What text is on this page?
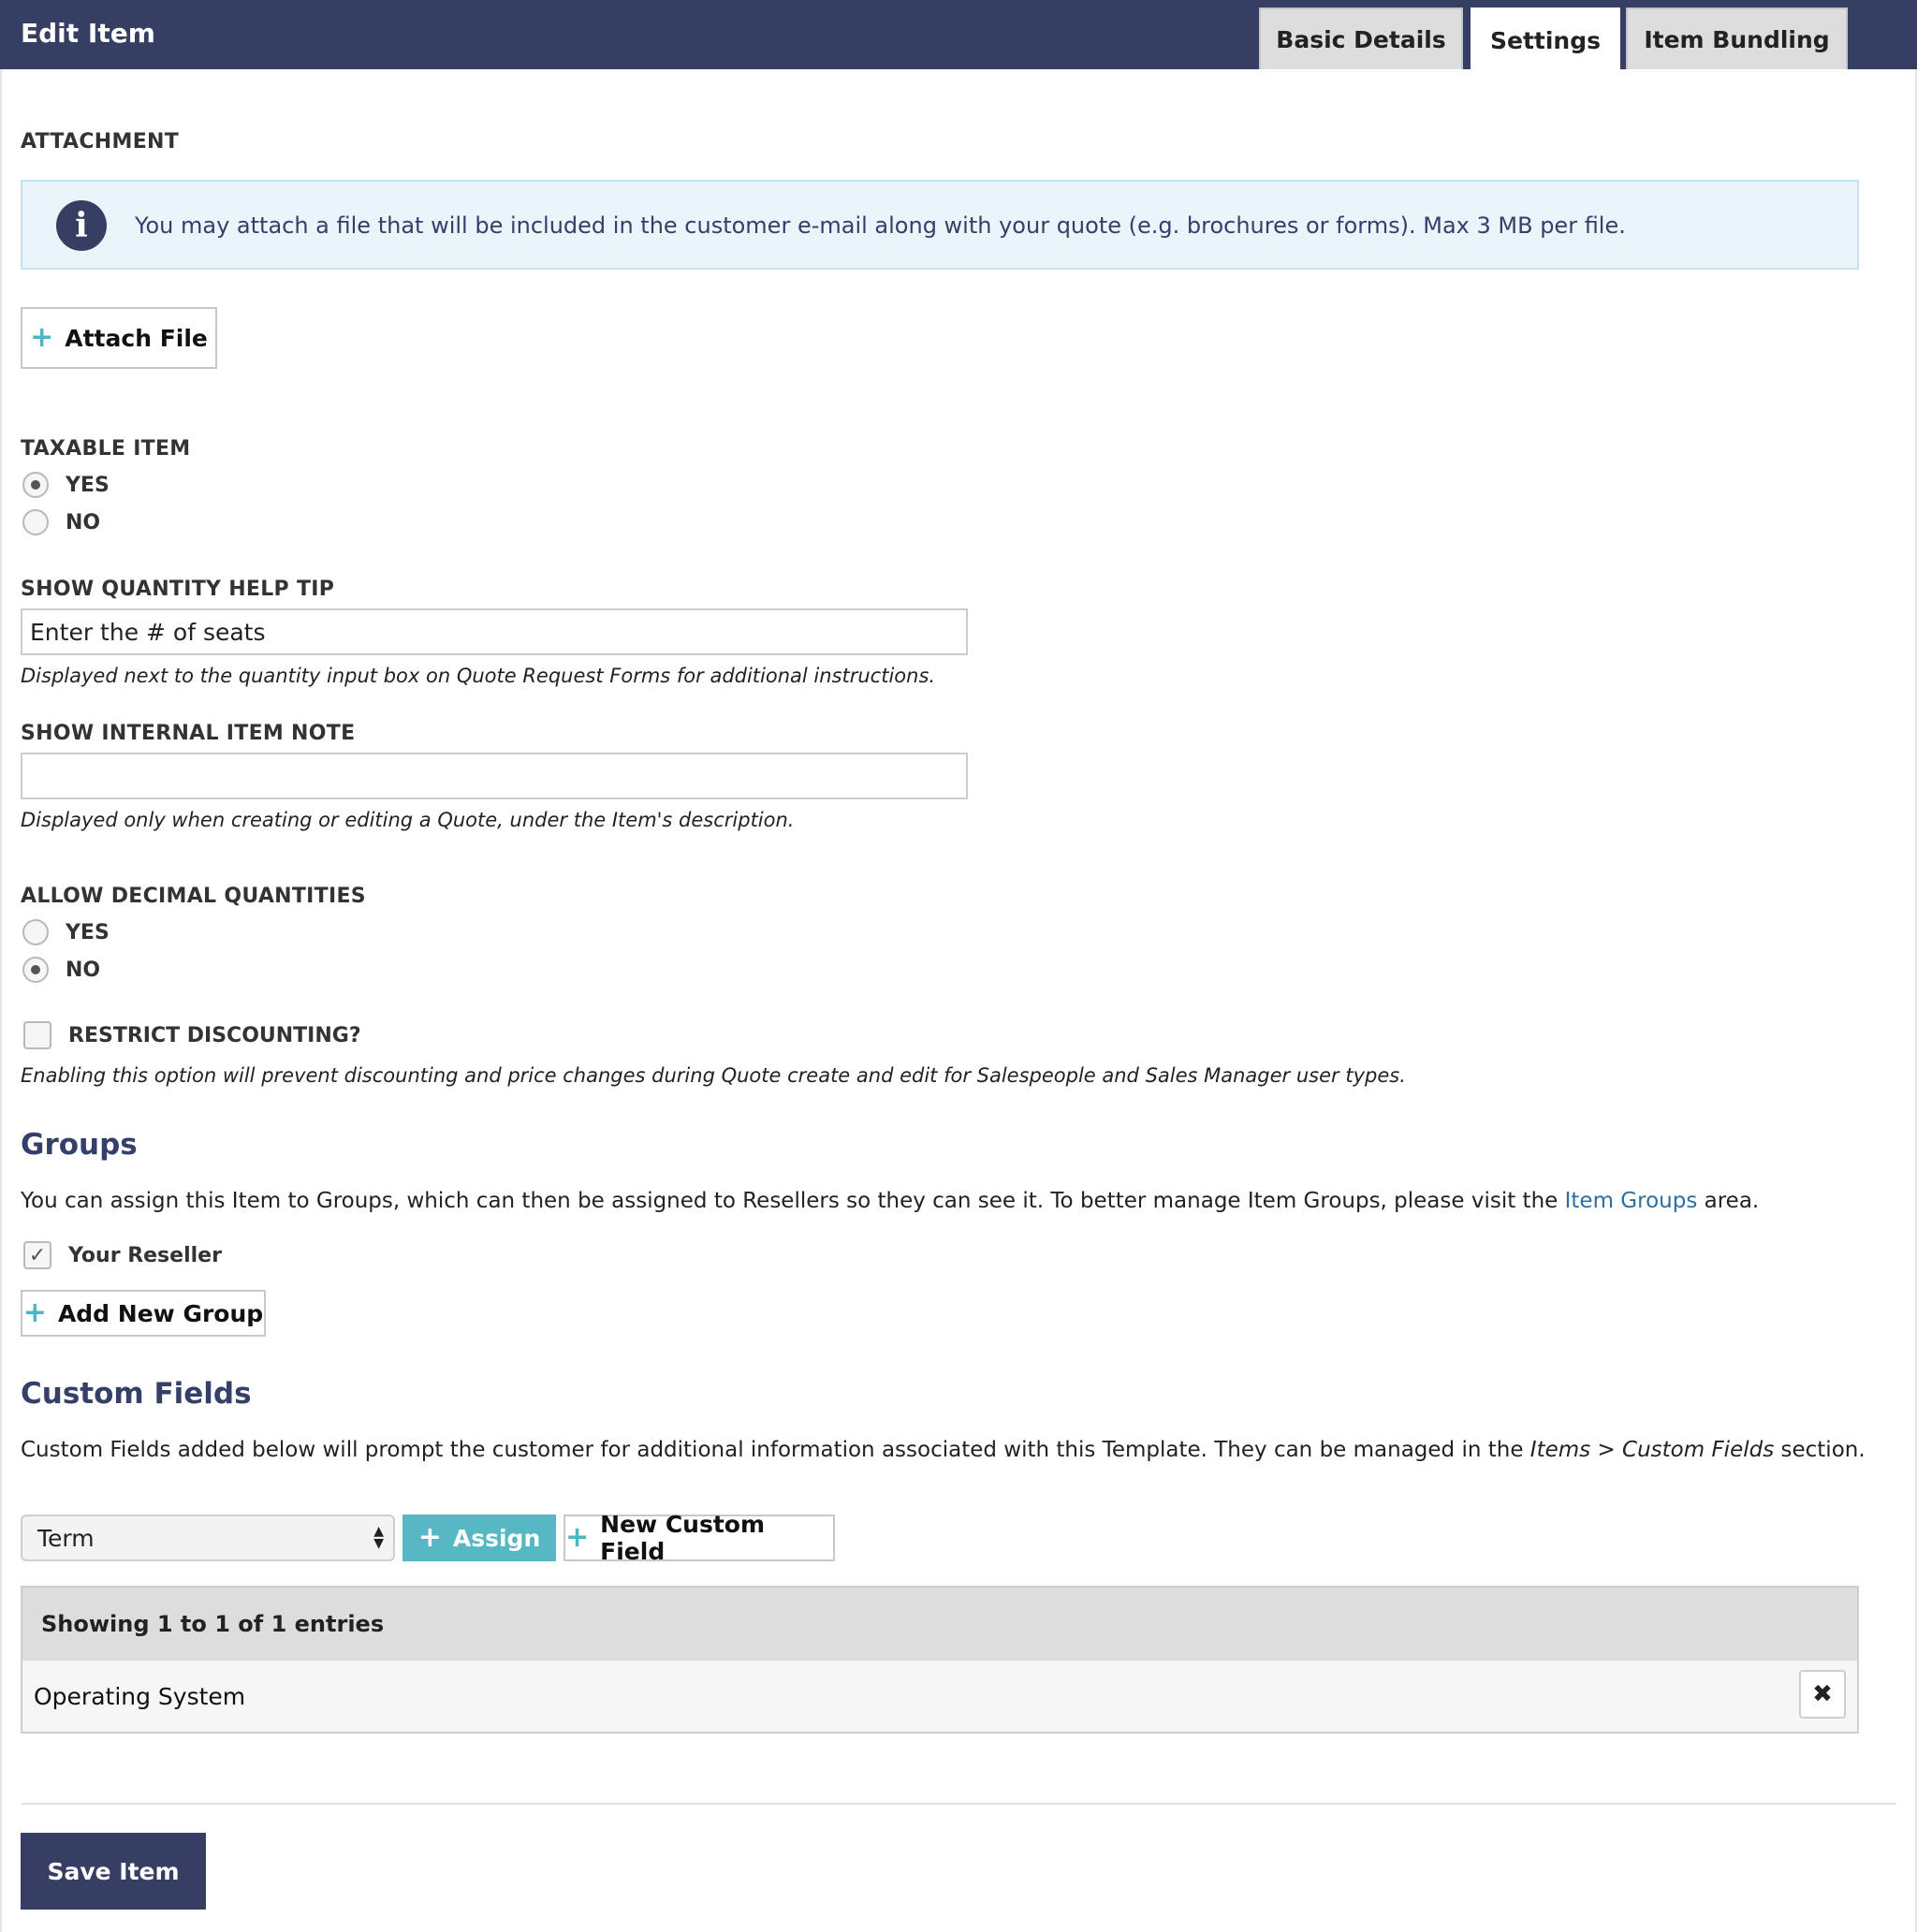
Edit Item	Basic Details	Settings	Item Bundling
ATTACHMENT
i	You may attach a file that will be included in the customer e-mail along with your quote (e.g. brochures or forms). Max 3 MB per file.
+ Attach File
TAXABLE ITEM
YES
NO
SHOW QUANTITY HELP TIP
Enter the # of seats
Displayed next to the quantity input box on Quote Request Forms for additional instructions.
SHOW INTERNAL ITEM NOTE
Displayed only when creating or editing a Quote, under the Item's description.
ALLOW DECIMAL QUANTITIES
YES
NO
RESTRICT DISCOUNTING?
Enabling this option will prevent discounting and price changes during Quote create and edit for Salespeople and Sales Manager user types.
Groups
You can assign this Item to Groups, which can then be assigned to Resellers so they can see it. To better manage Item Groups, please visit the Item Groups area.
✓ Your Reseller
+ Add New Group
Custom Fields
Custom Fields added below will prompt the customer for additional information associated with this Template. They can be managed in the Items > Custom Fields section.
Term	▲
▼ + Assign + New Custom Field
Showing 1 to 1 of 1 entries
Operating System	✖
Save Item
